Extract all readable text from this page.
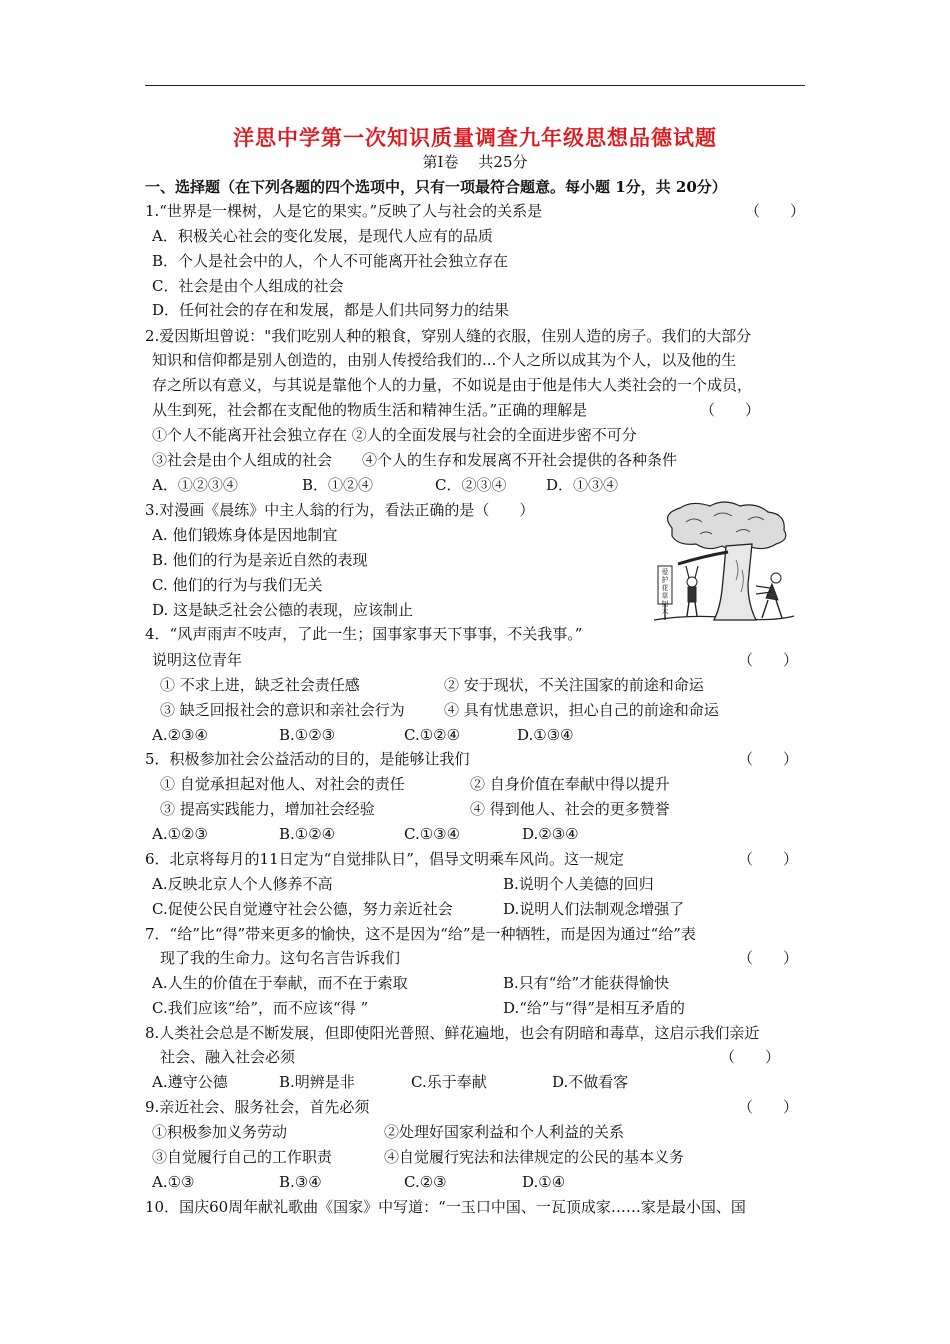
洋思中学第一次知识质量调查九年级思想品德试题
第Ⅰ卷 共25分
一、选择题（在下列各题的四个选项中，只有一项最符合题意。每小题 1分，共 20分）
1.“世界是一棵树，人是它的果实。”反映了人与社会的关系是	（　　）
A．积极关心社会的变化发展，是现代人应有的品质
B．个人是社会中的人，个人不可能离开社会独立存在
C．社会是由个人组成的社会
D．任何社会的存在和发展，都是人们共同努力的结果
2.爱因斯坦曾说："我们吃别人种的粮食，穿别人缝的衣服，住别人造的房子。我们的大部分
知识和信仰都是别人创造的，由别人传授给我们的...个人之所以成其为个人，以及他的生
存之所以有意义，与其说是靠他个人的力量，不如说是由于他是伟大人类社会的一个成员，
从生到死，社会都在支配他的物质生活和精神生活。”正确的理解是	（　　）
①个人不能离开社会独立存在 ②人的全面发展与社会的全面进步密不可分
③社会是由个人组成的社会　　④个人的生存和发展离不开社会提供的各种条件
A．①②③④	B．①②④	C．②③④	D．①③④
3.对漫画《晨练》中主人翁的行为，看法正确的是（　　）
A. 他们锻炼身体是因地制宜
B. 他们的行为是亲近自然的表现
C. 他们的行为与我们无关
D. 这是缺乏社会公德的表现，应该制止
爱护花草树木
4．“风声雨声不吱声，了此一生；国事家事天下事事，不关我事。”
说明这位青年	（　　）
① 不求上进，缺乏社会责任感	② 安于现状，不关注国家的前途和命运
③ 缺乏回报社会的意识和亲社会行为	④ 具有忧患意识，担心自己的前途和命运
A.②③④	B.①②③	C.①②④	D.①③④
5．积极参加社会公益活动的目的，是能够让我们	（　　）
① 自觉承担起对他人、对社会的责任	② 自身价值在奉献中得以提升
③ 提高实践能力，增加社会经验	④ 得到他人、社会的更多赞誉
A.①②③	B.①②④	C.①③④	D.②③④
6．北京将每月的11日定为“自觉排队日”，倡导文明乘车风尚。这一规定	（　　）
A.反映北京人个人修养不高	B.说明个人美德的回归
C.促使公民自觉遵守社会公德，努力亲近社会	D.说明人们法制观念增强了
7．“给”比“得”带来更多的愉快，这不是因为“给”是一种牺牲，而是因为通过“给”表
现了我的生命力。这句名言告诉我们	（　　）
A.人生的价值在于奉献，而不在于索取	B.只有“给”才能获得愉快
C.我们应该“给”，而不应该“得 ”	D.“给”与“得”是相互矛盾的
8.人类社会总是不断发展，但即使阳光普照、鲜花遍地，也会有阴暗和毒草，这启示我们亲近
社会、融入社会必须	（　　）
A.遵守公德	B.明辨是非	C.乐于奉献	D.不做看客
9.亲近社会、服务社会，首先必须	（　　）
①积极参加义务劳动	②处理好国家利益和个人利益的关系
③自觉履行自己的工作职责	④自觉履行宪法和法律规定的公民的基本义务
A.①③	B.③④	C.②③	D.①④
10．国庆60周年献礼歌曲《国家》中写道：“一玉口中国、一瓦顶成家……家是最小国、国
